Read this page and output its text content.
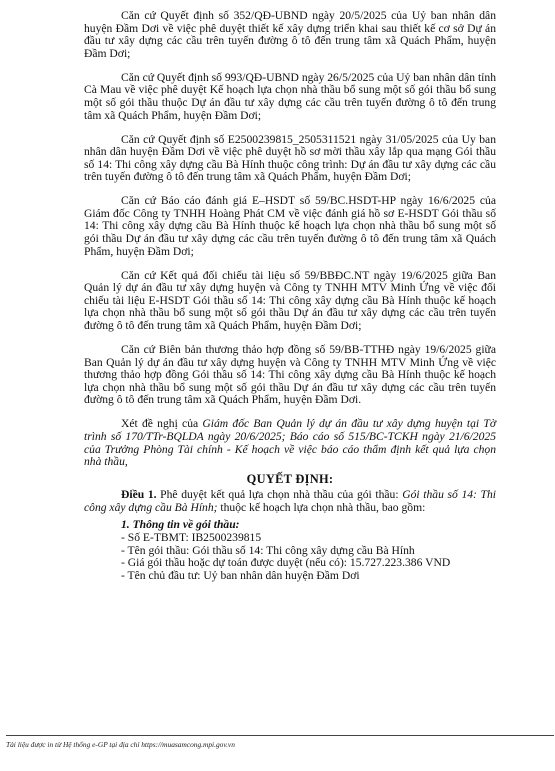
Căn cứ Quyết định số 352/QĐ-UBND ngày 20/5/2025 của Uỷ ban nhân dân huyện Đầm Dơi về việc phê duyệt thiết kế xây dựng triển khai sau thiết kế cơ sở Dự án đầu tư xây dựng các cầu trên tuyến đường ô tô đến trung tâm xã Quách Phẩm, huyện Đầm Dơi;

Căn cứ Quyết định số 993/QĐ-UBND ngày 26/5/2025 của Uỷ ban nhân dân tỉnh Cà Mau về việc phê duyệt Kế hoạch lựa chọn nhà thầu bổ sung một số gói thầu bổ sung một số gói thầu thuộc Dự án đầu tư xây dựng các cầu trên tuyến đường ô tô đến trung tâm xã Quách Phẩm, huyện Đầm Dơi;

Căn cứ Quyết định số E2500239815_2505311521 ngày 31/05/2025 của Uy ban nhân dân huyện Đầm Dơi về việc phê duyệt hồ sơ mời thầu xây lắp qua mạng Gói thầu số 14: Thi công xây dựng cầu Bà Hính thuộc công trình: Dự án đầu tư xây dựng các cầu trên tuyến đường ô tô đến trung tâm xã Quách Phẩm, huyện Đầm Dơi;

Căn cứ Báo cáo đánh giá E–HSDT số 59/BC.HSDT-HP ngày 16/6/2025 của Giám đốc Công ty TNHH Hoàng Phát CM về việc đánh giá hồ sơ E-HSDT Gói thầu số 14: Thi công xây dựng cầu Bà Hính thuộc kế hoạch lựa chọn nhà thầu bổ sung một số gói thầu Dự án đầu tư xây dựng các cầu trên tuyến đường ô tô đến trung tâm xã Quách Phẩm, huyện Đầm Dơi;

Căn cứ Kết quả đối chiếu tài liệu số 59/BBĐC.NT ngày 19/6/2025 giữa Ban Quản lý dự án đầu tư xây dựng huyện và Công ty TNHH MTV Minh Ứng về việc đối chiếu tài liệu E-HSDT Gói thầu số 14: Thi công xây dựng cầu Bà Hính thuộc kế hoạch lựa chọn nhà thầu bổ sung một số gói thầu Dự án đầu tư xây dựng các cầu trên tuyến đường ô tô đến trung tâm xã Quách Phẩm, huyện Đầm Dơi;

Căn cứ Biên bản thương thảo hợp đồng số 59/BB-TTHĐ ngày 19/6/2025 giữa Ban Quản lý dự án đầu tư xây dựng huyện và Công ty TNHH MTV Minh Ứng về việc thương thảo hợp đồng Gói thầu số 14: Thi công xây dựng cầu Bà Hính thuộc kế hoạch lựa chọn nhà thầu bổ sung một số gói thầu Dự án đầu tư xây dựng các cầu trên tuyến đường ô tô đến trung tâm xã Quách Phẩm, huyện Đầm Dơi.

Xét đề nghị của Giám đốc Ban Quản lý dự án đầu tư xây dựng huyện tại Tờ trình số 170/TTr-BQLDA ngày 20/6/2025; Báo cáo số 515/BC-TCKH ngày 21/6/2025 của Trưởng Phòng Tài chính - Kế hoạch về việc báo cáo thẩm định kết quả lựa chọn nhà thầu,

QUYẾT ĐỊNH:

Điều 1. Phê duyệt kết quả lựa chọn nhà thầu của gói thầu: Gói thầu số 14: Thi công xây dựng cầu Bà Hính; thuộc kế hoạch lựa chọn nhà thầu, bao gồm:

1. Thông tin về gói thầu:

- Số E-TBMT: IB2500239815

- Tên gói thầu: Gói thầu số 14: Thi công xây dựng cầu Bà Hính

- Giá gói thầu hoặc dự toán được duyệt (nếu có): 15.727.223.386 VND

- Tên chủ đầu tư: Uỷ ban nhân dân huyện Đầm Dơi

Tài liệu được in từ Hệ thống e-GP tại địa chỉ https://muasamcong.mpi.gov.vn
